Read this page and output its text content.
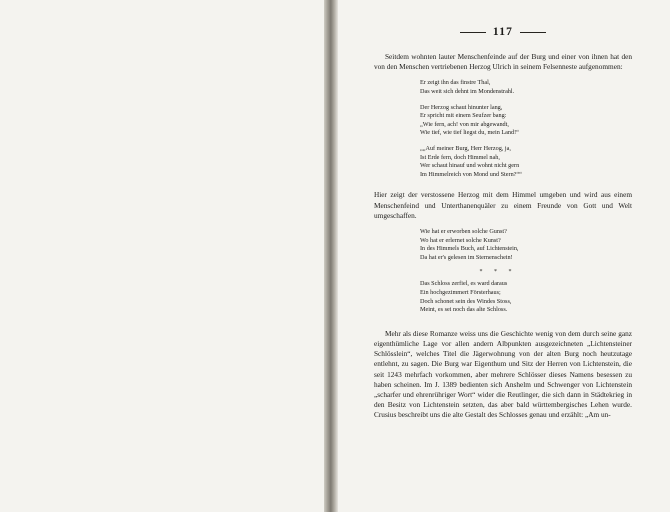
117

Seitdem wohnten lauter Menschenfeinde auf der Burg und einer von ihnen hat den von den Menschen vertriebenen Herzog Ulrich in seinem Felsenneste aufgenommen:

Er zeigt ihn das finstre Thal,
Das weit sich dehnt im Mondenstrahl.
Der Herzog schaut hinunter lang,
Er spricht mit einem Seufzer bang:
„Wie fern, ach! von mir abgewandt,
Wie tief, wie tief liegst du, mein Land!“
„„Auf meiner Burg, Herr Herzog, ja,
Ist Erde fern, doch Himmel nah,
Wer schaut hinauf und wohnt nicht gern
Im Himmelreich von Mond und Stern?““

Hier zeigt der verstossene Herzog mit dem Himmel umgeben und wird aus einem Menschenfeind und Unterthanenquäler zu einem Freunde von Gott und Welt umgeschaffen.

Wie hat er erworben solche Gunst?
Wo hat er erlernet solche Kunst?
In des Himmels Buch, auf Lichtenstein,
Da hat er's gelesen im Sternenschein!
* * *
Das Schloss zerfiel, es ward daraus
Ein hochgezimmert Försterhaus;
Doch schonet sein des Windes Stoss,
Meint, es sei noch das alte Schloss.

Mehr als diese Romanze weiss uns die Geschichte wenig von dem durch seine ganz eigenthümliche Lage vor allen andern Albpunkten ausgezeichneten „Lichtensteiner Schlösslein“, welches Titel die Jägerwohnung von der alten Burg noch heutzutage entlehnt, zu sagen. Die Burg war Eigenthum und Sitz der Herren von Lichtenstein, die seit 1243 mehrfach vorkommen, aber mehrere Schlösser dieses Namens besessen zu haben scheinen. Im J. 1389 bedienten sich Anshelm und Schwenger von Lichtenstein „scharfer und ehrenrühriger Wort“ wider die Reutlinger, die sich dann in Städtekrieg in den Besitz von Lichtenstein setzten, das aber bald württembergisches Lehen wurde. Crusius beschreibt uns die alte Gestalt des Schlosses genau und erzählt: „Am un-
